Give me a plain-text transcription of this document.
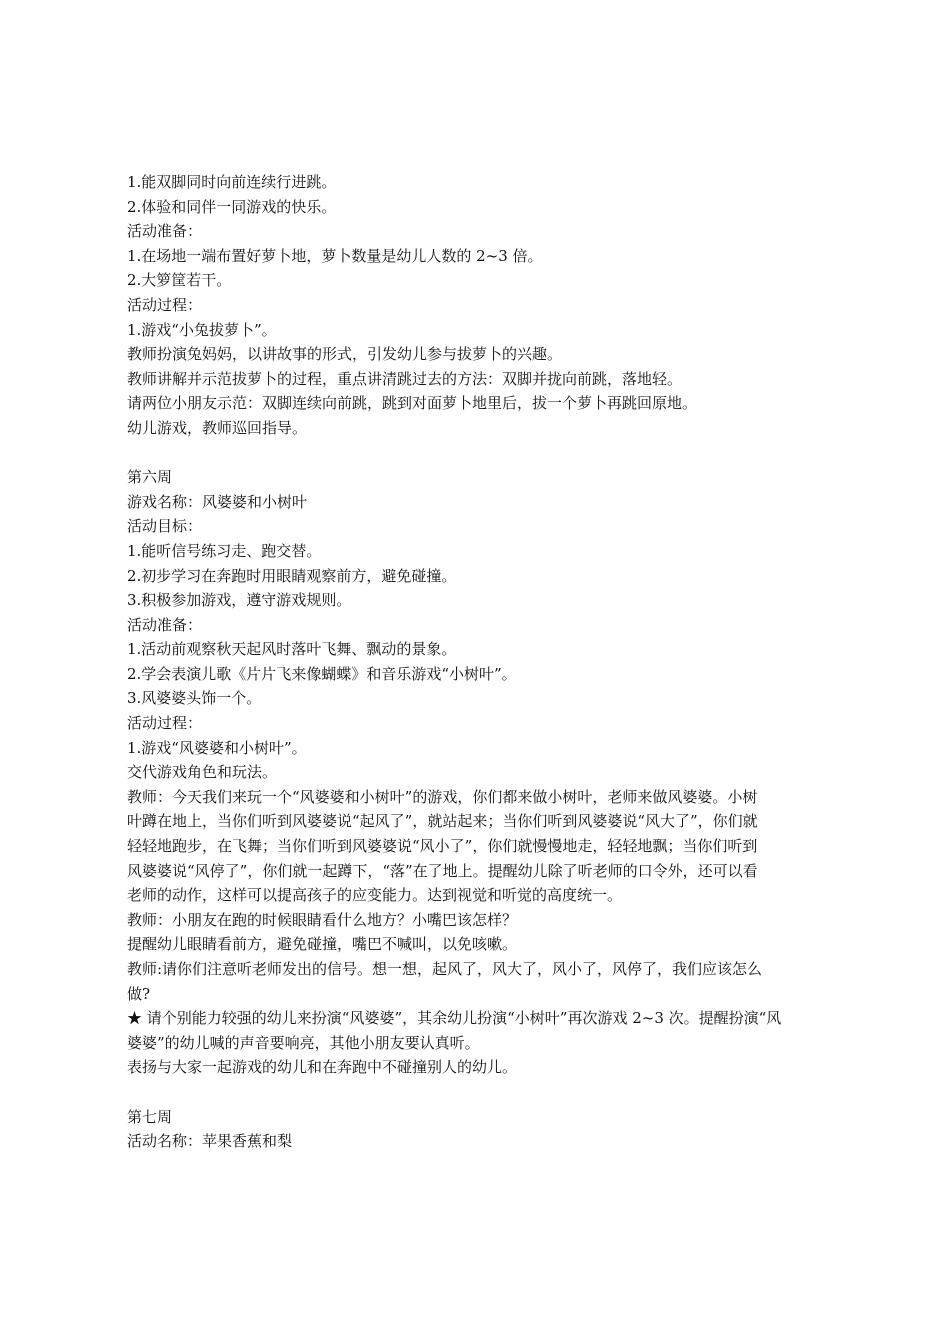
1.能双脚同时向前连续行进跳。
2.体验和同伴一同游戏的快乐。
活动准备：
1.在场地一端布置好萝卜地，萝卜数量是幼儿人数的 2~3 倍。
2.大箩筐若干。
活动过程：
1.游戏“小兔拔萝卜”。
教师扮演兔妈妈，以讲故事的形式，引发幼儿参与拔萝卜的兴趣。
教师讲解并示范拔萝卜的过程，重点讲清跳过去的方法：双脚并拢向前跳，落地轻。
请两位小朋友示范：双脚连续向前跳，跳到对面萝卜地里后，拔一个萝卜再跳回原地。
幼儿游戏，教师巡回指导。
第六周
游戏名称：风婆婆和小树叶
活动目标：
1.能听信号练习走、跑交替。
2.初步学习在奔跑时用眼睛观察前方，避免碰撞。
3.积极参加游戏，遵守游戏规则。
活动准备：
1.活动前观察秋天起风时落叶飞舞、飘动的景象。
2.学会表演儿歌《片片飞来像蝴蝶》和音乐游戏“小树叶”。
3.风婆婆头饰一个。
活动过程：
1.游戏“风婆婆和小树叶”。
交代游戏角色和玩法。
教师：今天我们来玩一个“风婆婆和小树叶”的游戏，你们都来做小树叶，老师来做风婆婆。小树
叶蹲在地上，当你们听到风婆婆说“起风了”，就站起来；当你们听到风婆婆说“风大了”，你们就
轻轻地跑步，在飞舞；当你们听到风婆婆说“风小了”，你们就慢慢地走，轻轻地飘；当你们听到
风婆婆说“风停了”，你们就一起蹲下，“落”在了地上。提醒幼儿除了听老师的口令外，还可以看
老师的动作，这样可以提高孩子的应变能力。达到视觉和听觉的高度统一。
教师：小朋友在跑的时候眼睛看什么地方？小嘴巴该怎样？
提醒幼儿眼睛看前方，避免碰撞，嘴巴不喊叫，以免咳嗽。
教师:请你们注意听老师发出的信号。想一想，起风了，风大了，风小了，风停了，我们应该怎么
做?
★ 请个别能力较强的幼儿来扮演“风婆婆”，其余幼儿扮演“小树叶”再次游戏 2~3 次。提醒扮演“风
婆婆”的幼儿喊的声音要响亮，其他小朋友要认真听。
表扬与大家一起游戏的幼儿和在奔跑中不碰撞别人的幼儿。
第七周
活动名称：苹果香蕉和梨
